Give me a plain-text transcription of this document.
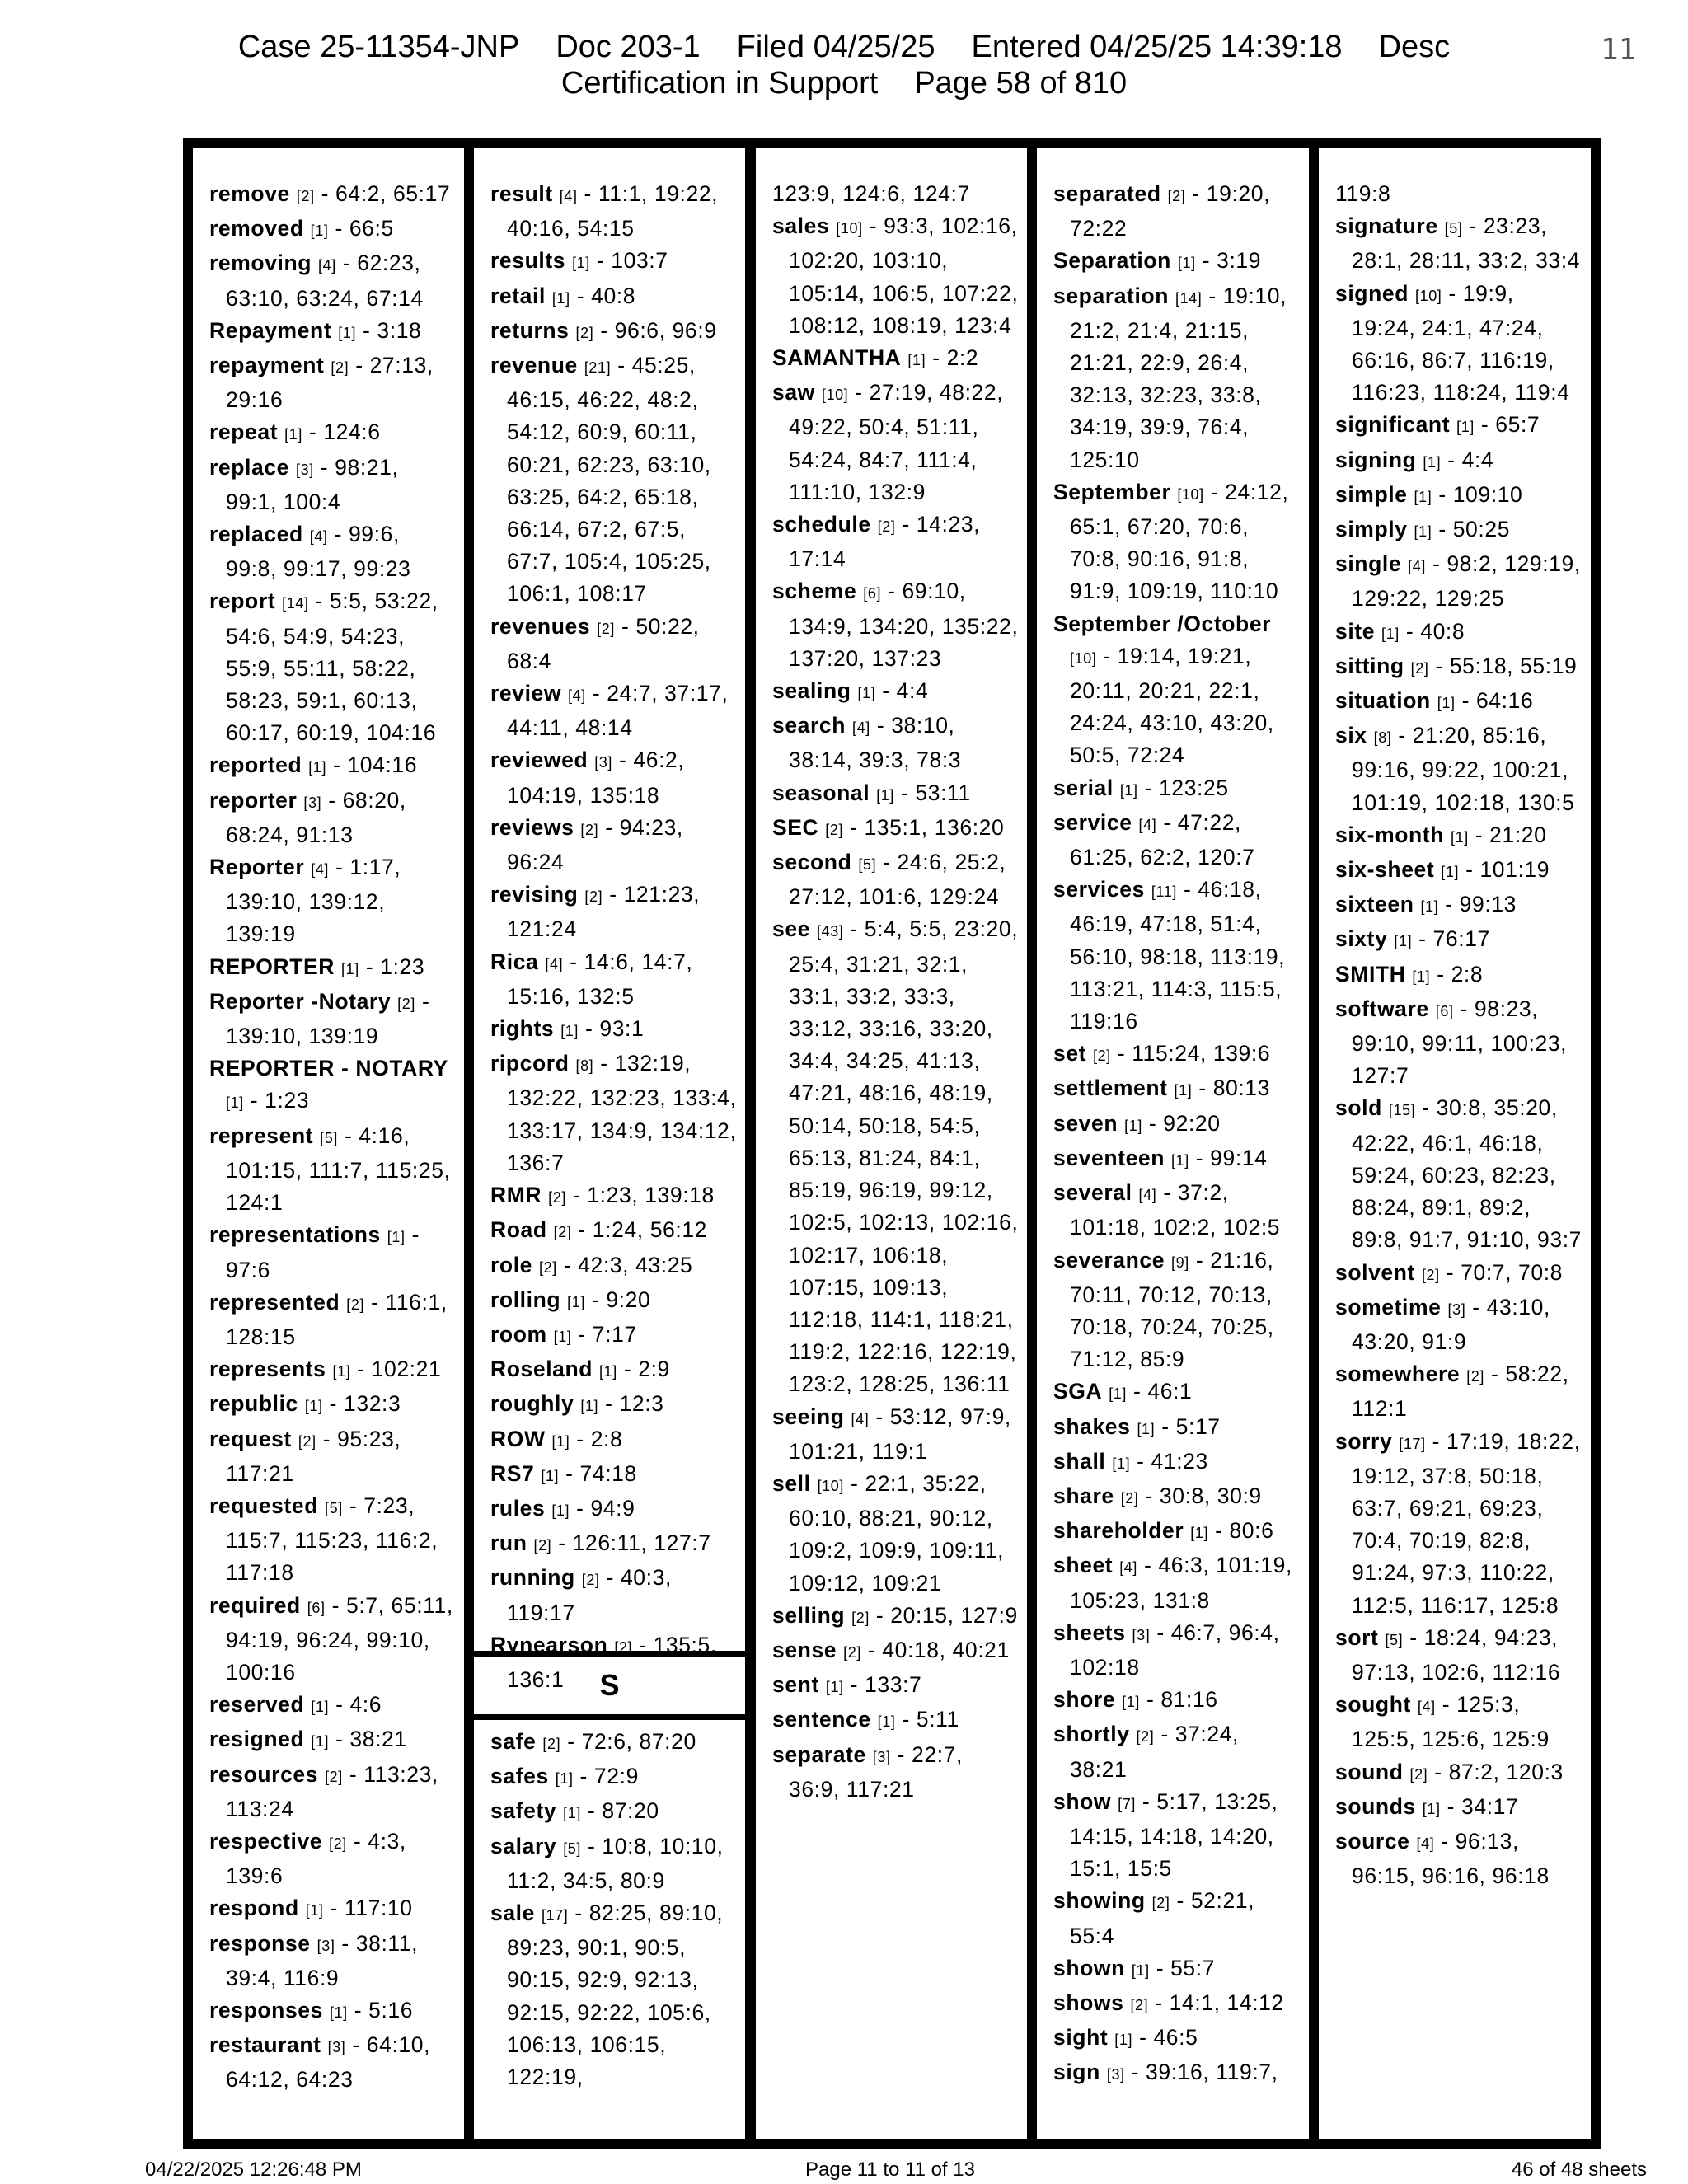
Case 25-11354-JNP Doc 203-1 Filed 04/25/25 Entered 04/25/25 14:39:18 Desc
Certification in Support Page 58 of 810
11
remove [2] - 64:2, 65:17
removed [1] - 66:5
removing [4] - 62:23, 63:10, 63:24, 67:14
Repayment [1] - 3:18
repayment [2] - 27:13, 29:16
repeat [1] - 124:6
replace [3] - 98:21, 99:1, 100:4
replaced [4] - 99:6, 99:8, 99:17, 99:23
report [14] - 5:5, 53:22, 54:6, 54:9, 54:23, 55:9, 55:11, 58:22, 58:23, 59:1, 60:13, 60:17, 60:19, 104:16
reported [1] - 104:16
reporter [3] - 68:20, 68:24, 91:13
Reporter [4] - 1:17, 139:10, 139:12, 139:19
REPORTER [1] - 1:23
Reporter -Notary [2] - 139:10, 139:19
REPORTER - NOTARY [1] - 1:23
represent [5] - 4:16, 101:15, 111:7, 115:25, 124:1
representations [1] - 97:6
represented [2] - 116:1, 128:15
represents [1] - 102:21
republic [1] - 132:3
request [2] - 95:23, 117:21
requested [5] - 7:23, 115:7, 115:23, 116:2, 117:18
required [6] - 5:7, 65:11, 94:19, 96:24, 99:10, 100:16
reserved [1] - 4:6
resigned [1] - 38:21
resources [2] - 113:23, 113:24
respective [2] - 4:3, 139:6
respond [1] - 117:10
response [3] - 38:11, 39:4, 116:9
responses [1] - 5:16
restaurant [3] - 64:10, 64:12, 64:23
result [4] - 11:1, 19:22, 40:16, 54:15
results [1] - 103:7
retail [1] - 40:8
returns [2] - 96:6, 96:9
revenue [21] - 45:25, 46:15, 46:22, 48:2, 54:12, 60:9, 60:11, 60:21, 62:23, 63:10, 63:25, 64:2, 65:18, 66:14, 67:2, 67:5, 67:7, 105:4, 105:25, 106:1, 108:17
revenues [2] - 50:22, 68:4
review [4] - 24:7, 37:17, 44:11, 48:14
reviewed [3] - 46:2, 104:19, 135:18
reviews [2] - 94:23, 96:24
revising [2] - 121:23, 121:24
Rica [4] - 14:6, 14:7, 15:16, 132:5
rights [1] - 93:1
ripcord [8] - 132:19, 132:22, 132:23, 133:4, 133:17, 134:9, 134:12, 136:7
RMR [2] - 1:23, 139:18
Road [2] - 1:24, 56:12
role [2] - 42:3, 43:25
rolling [1] - 9:20
room [1] - 7:17
Roseland [1] - 2:9
roughly [1] - 12:3
ROW [1] - 2:8
RS7 [1] - 74:18
rules [1] - 94:9
run [2] - 126:11, 127:7
running [2] - 40:3, 119:17
Rynearson [2] - 135:5, 136:1	S
safe [2] - 72:6, 87:20
safes [1] - 72:9
safety [1] - 87:20
salary [5] - 10:8, 10:10, 11:2, 34:5, 80:9
sale [17] - 82:25, 89:10, 89:23, 90:1, 90:5, 90:15, 92:9, 92:13, 92:15, 92:22, 105:6, 106:13, 106:15, 122:19,
123:9, 124:6, 124:7
sales [10] - 93:3, 102:16, 102:20, 103:10, 105:14, 106:5, 107:22, 108:12, 108:19, 123:4
SAMANTHA [1] - 2:2
saw [10] - 27:19, 48:22, 49:22, 50:4, 51:11, 54:24, 84:7, 111:4, 111:10, 132:9
schedule [2] - 14:23, 17:14
scheme [6] - 69:10, 134:9, 134:20, 135:22, 137:20, 137:23
sealing [1] - 4:4
search [4] - 38:10, 38:14, 39:3, 78:3
seasonal [1] - 53:11
SEC [2] - 135:1, 136:20
second [5] - 24:6, 25:2, 27:12, 101:6, 129:24
see [43] - 5:4, 5:5, 23:20, 25:4, 31:21, 32:1, 33:1, 33:2, 33:3, 33:12, 33:16, 33:20, 34:4, 34:25, 41:13, 47:21, 48:16, 48:19, 50:14, 50:18, 54:5, 65:13, 81:24, 84:1, 85:19, 96:19, 99:12, 102:5, 102:13, 102:16, 102:17, 106:18, 107:15, 109:13, 112:18, 114:1, 118:21, 119:2, 122:16, 122:19, 123:2, 128:25, 136:11
seeing [4] - 53:12, 97:9, 101:21, 119:1
sell [10] - 22:1, 35:22, 60:10, 88:21, 90:12, 109:2, 109:9, 109:11, 109:12, 109:21
selling [2] - 20:15, 127:9
sense [2] - 40:18, 40:21
sent [1] - 133:7
sentence [1] - 5:11
separate [3] - 22:7, 36:9, 117:21
separated [2] - 19:20, 72:22
Separation [1] - 3:19
separation [14] - 19:10, 21:2, 21:4, 21:15, 21:21, 22:9, 26:4, 32:13, 32:23, 33:8, 34:19, 39:9, 76:4, 125:10
September [10] - 24:12, 65:1, 67:20, 70:6, 70:8, 90:16, 91:8, 91:9, 109:19, 110:10
September /October [10] - 19:14, 19:21, 20:11, 20:21, 22:1, 24:24, 43:10, 43:20, 50:5, 72:24
serial [1] - 123:25
service [4] - 47:22, 61:25, 62:2, 120:7
services [11] - 46:18, 46:19, 47:18, 51:4, 56:10, 98:18, 113:19, 113:21, 114:3, 115:5, 119:16
set [2] - 115:24, 139:6
settlement [1] - 80:13
seven [1] - 92:20
seventeen [1] - 99:14
several [4] - 37:2, 101:18, 102:2, 102:5
severance [9] - 21:16, 70:11, 70:12, 70:13, 70:18, 70:24, 70:25, 71:12, 85:9
SGA [1] - 46:1
shakes [1] - 5:17
shall [1] - 41:23
share [2] - 30:8, 30:9
shareholder [1] - 80:6
sheet [4] - 46:3, 101:19, 105:23, 131:8
sheets [3] - 46:7, 96:4, 102:18
shore [1] - 81:16
shortly [2] - 37:24, 38:21
show [7] - 5:17, 13:25, 14:15, 14:18, 14:20, 15:1, 15:5
showing [2] - 52:21, 55:4
shown [1] - 55:7
shows [2] - 14:1, 14:12
sight [1] - 46:5
sign [3] - 39:16, 119:7,
119:8
signature [5] - 23:23, 28:1, 28:11, 33:2, 33:4
signed [10] - 19:9, 19:24, 24:1, 47:24, 66:16, 86:7, 116:19, 116:23, 118:24, 119:4
significant [1] - 65:7
signing [1] - 4:4
simple [1] - 109:10
simply [1] - 50:25
single [4] - 98:2, 129:19, 129:22, 129:25
site [1] - 40:8
sitting [2] - 55:18, 55:19
situation [1] - 64:16
six [8] - 21:20, 85:16, 99:16, 99:22, 100:21, 101:19, 102:18, 130:5
six-month [1] - 21:20
six-sheet [1] - 101:19
sixteen [1] - 99:13
sixty [1] - 76:17
SMITH [1] - 2:8
software [6] - 98:23, 99:10, 99:11, 100:23, 127:7
sold [15] - 30:8, 35:20, 42:22, 46:1, 46:18, 59:24, 60:23, 82:23, 88:24, 89:1, 89:2, 89:8, 91:7, 91:10, 93:7
solvent [2] - 70:7, 70:8
sometime [3] - 43:10, 43:20, 91:9
somewhere [2] - 58:22, 112:1
sorry [17] - 17:19, 18:22, 19:12, 37:8, 50:18, 63:7, 69:21, 69:23, 70:4, 70:19, 82:8, 91:24, 97:3, 110:22, 112:5, 116:17, 125:8
sort [5] - 18:24, 94:23, 97:13, 102:6, 112:16
sought [4] - 125:3, 125:5, 125:6, 125:9
sound [2] - 87:2, 120:3
sounds [1] - 34:17
source [4] - 96:13, 96:15, 96:16, 96:18
04/22/2025 12:26:48 PM	Page 11 to 11 of 13	46 of 48 sheets
